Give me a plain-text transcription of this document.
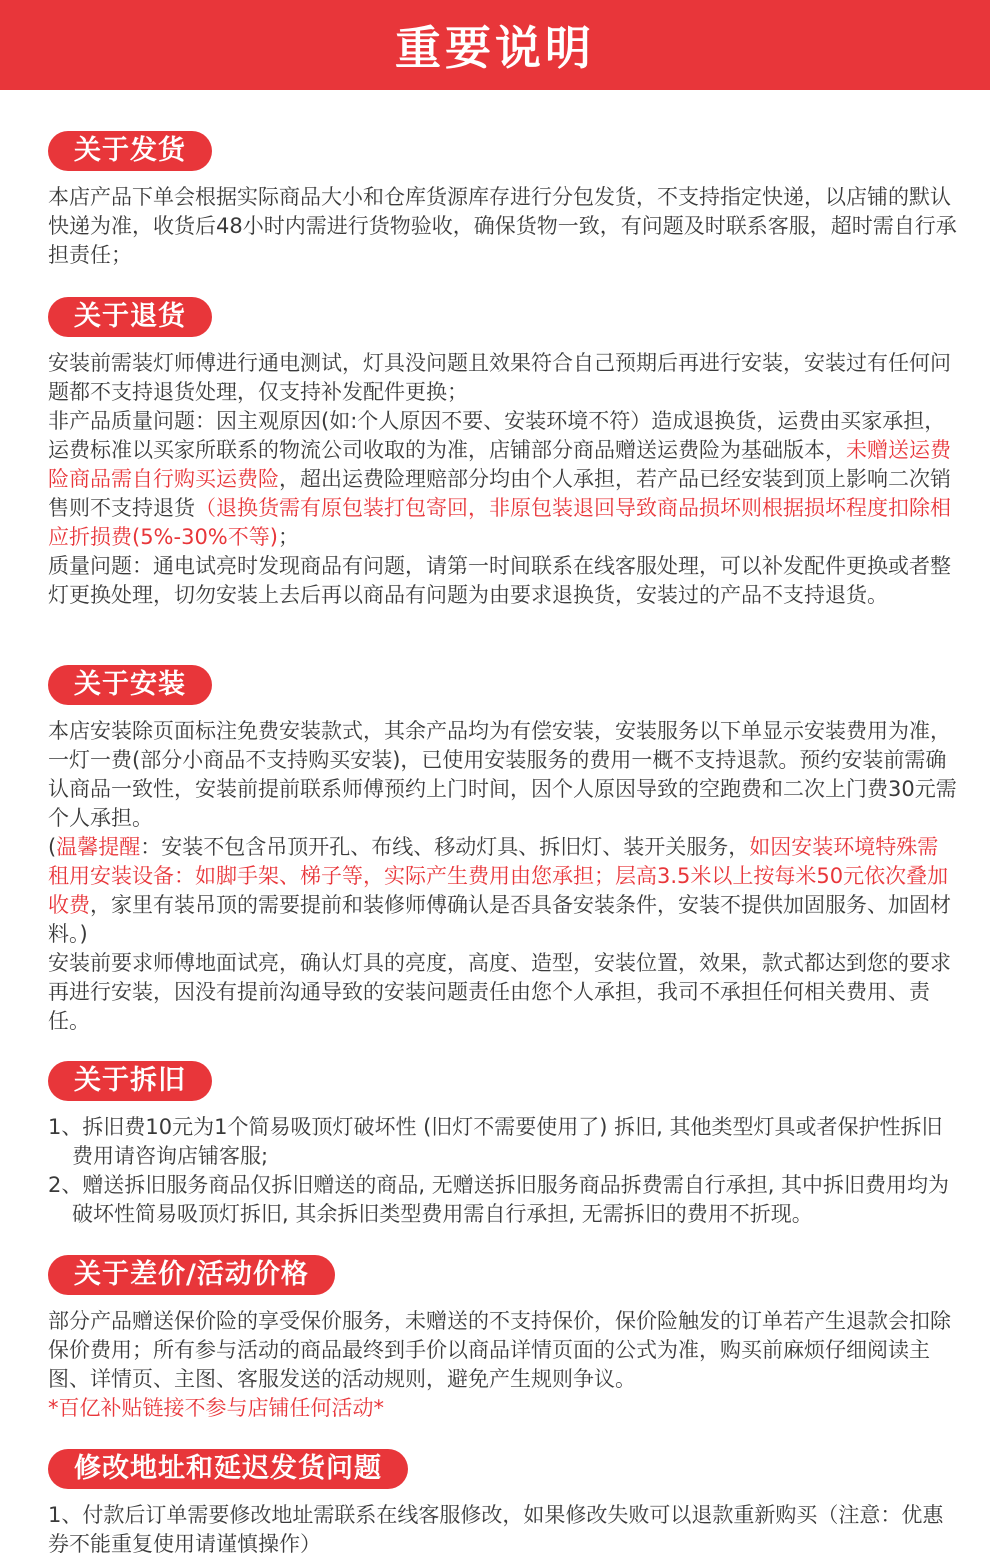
重要说明
关于发货
本店产品下单会根据实际商品大小和仓库货源库存进行分包发货，不支持指定快递，以店铺的默认快递为准，收货后48小时内需进行货物验收，确保货物一致，有问题及时联系客服，超时需自行承担责任；
关于退货
安装前需装灯师傅进行通电测试，灯具没问题且效果符合自己预期后再进行安装，安装过有任何问题都不支持退货处理，仅支持补发配件更换；
非产品质量问题：因主观原因(如:个人原因不要、安装环境不符）造成退换货，运费由买家承担，运费标准以买家所联系的物流公司收取的为准，店铺部分商品赠送运费险为基础版本，未赠送运费险商品需自行购买运费险，超出运费险理赔部分均由个人承担，若产品已经安装到顶上影响二次销售则不支持退货（退换货需有原包装打包寄回，非原包装退回导致商品损坏则根据损坏程度扣除相应折损费(5%-30%不等)；
质量问题：通电试亮时发现商品有问题，请第一时间联系在线客服处理，可以补发配件更换或者整灯更换处理，切勿安装上去后再以商品有问题为由要求退换货，安装过的产品不支持退货。
关于安装
本店安装除页面标注免费安装款式，其余产品均为有偿安装，安装服务以下单显示安装费用为准，一灯一费(部分小商品不支持购买安装)，已使用安装服务的费用一概不支持退款。预约安装前需确认商品一致性，安装前提前联系师傅预约上门时间，因个人原因导致的空跑费和二次上门费30元需个人承担。
(温馨提醒：安装不包含吊顶开孔、布线、移动灯具、拆旧灯、装开关服务，如因安装环境特殊需租用安装设备：如脚手架、梯子等，实际产生费用由您承担；层高3.5米以上按每米50元依次叠加收费，家里有装吊顶的需要提前和装修师傅确认是否具备安装条件，安装不提供加固服务、加固材料。)
安装前要求师傅地面试亮，确认灯具的亮度，高度、造型，安装位置，效果，款式都达到您的要求再进行安装，因没有提前沟通导致的安装问题责任由您个人承担，我司不承担任何相关费用、责任。
关于拆旧
1、拆旧费10元为1个简易吸顶灯破坏性 (旧灯不需要使用了) 拆旧, 其他类型灯具或者保护性拆旧费用请咨询店铺客服;
2、赠送拆旧服务商品仅拆旧赠送的商品, 无赠送拆旧服务商品拆费需自行承担, 其中拆旧费用均为破坏性简易吸顶灯拆旧, 其余拆旧类型费用需自行承担, 无需拆旧的费用不折现。
关于差价/活动价格
部分产品赠送保价险的享受保价服务，未赠送的不支持保价，保价险触发的订单若产生退款会扣除保价费用；所有参与活动的商品最终到手价以商品详情页面的公式为准，购买前麻烦仔细阅读主图、详情页、主图、客服发送的活动规则，避免产生规则争议。
*百亿补贴链接不参与店铺任何活动*
修改地址和延迟发货问题
1、付款后订单需要修改地址需联系在线客服修改，如果修改失败可以退款重新购买（注意：优惠券不能重复使用请谨慎操作）
